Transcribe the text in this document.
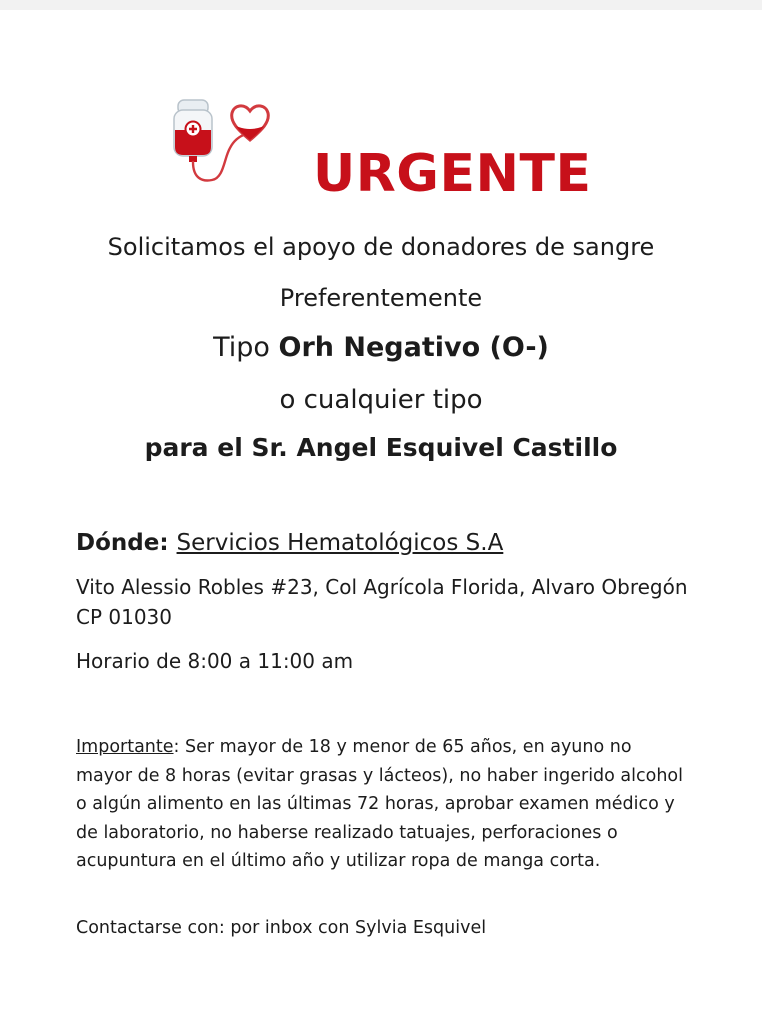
URGENTE
Solicitamos el apoyo de donadores de sangre
Preferentemente
Tipo Orh Negativo (O-)
o cualquier tipo
para el Sr. Angel Esquivel Castillo
Dónde: Servicios Hematológicos S.A
Vito Alessio Robles #23, Col Agrícola Florida, Alvaro Obregón CP 01030
Horario de 8:00 a 11:00 am
Importante: Ser mayor de 18 y menor de 65 años, en ayuno no mayor de 8 horas (evitar grasas y lácteos), no haber ingerido alcohol o algún alimento en las últimas 72 horas, aprobar examen médico y de laboratorio, no haberse realizado tatuajes, perforaciones o acupuntura en el último año y utilizar ropa de manga corta.
Contactarse con: por inbox con Sylvia Esquivel
